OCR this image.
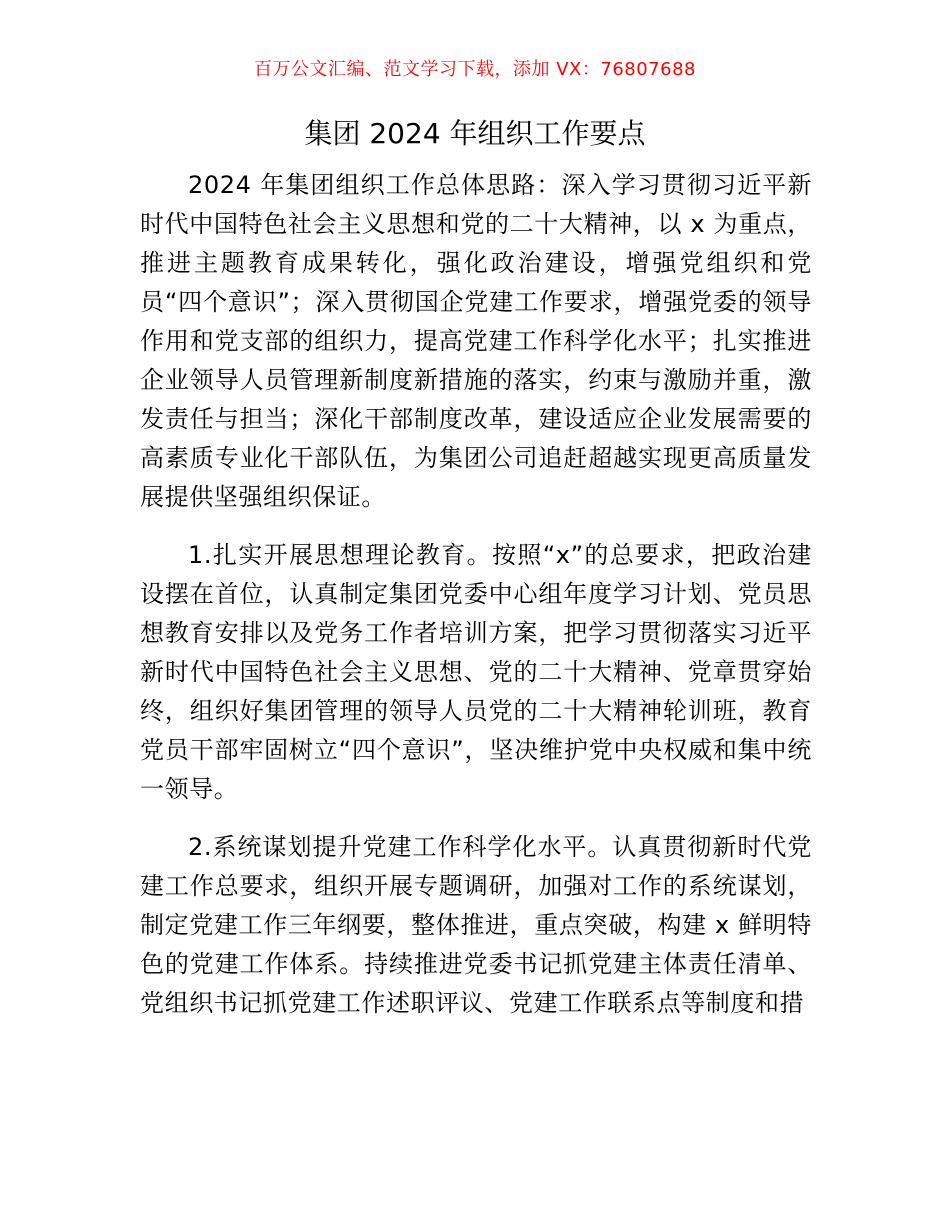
百万公文汇编、范文学习下载，添加 VX：76807688
集团 2024 年组织工作要点

2024 年集团组织工作总体思路：深入学习贯彻习近平新时代中国特色社会主义思想和党的二十大精神，以 x 为重点，推进主题教育成果转化，强化政治建设，增强党组织和党员“四个意识”；深入贯彻国企党建工作要求，增强党委的领导作用和党支部的组织力，提高党建工作科学化水平；扎实推进企业领导人员管理新制度新措施的落实，约束与激励并重，激发责任与担当；深化干部制度改革，建设适应企业发展需要的高素质专业化干部队伍，为集团公司追赶超越实现更高质量发展提供坚强组织保证。

1.扎实开展思想理论教育。按照“x”的总要求，把政治建设摆在首位，认真制定集团党委中心组年度学习计划、党员思想教育安排以及党务工作者培训方案，把学习贯彻落实习近平新时代中国特色社会主义思想、党的二十大精神、党章贯穿始终，组织好集团管理的领导人员党的二十大精神轮训班，教育党员干部牢固树立“四个意识”，坚决维护党中央权威和集中统一领导。

2.系统谋划提升党建工作科学化水平。认真贯彻新时代党建工作总要求，组织开展专题调研，加强对工作的系统谋划，制定党建工作三年纲要，整体推进，重点突破，构建 x 鲜明特色的党建工作体系。持续推进党委书记抓党建主体责任清单、党组织书记抓党建工作述职评议、党建工作联系点等制度和措
